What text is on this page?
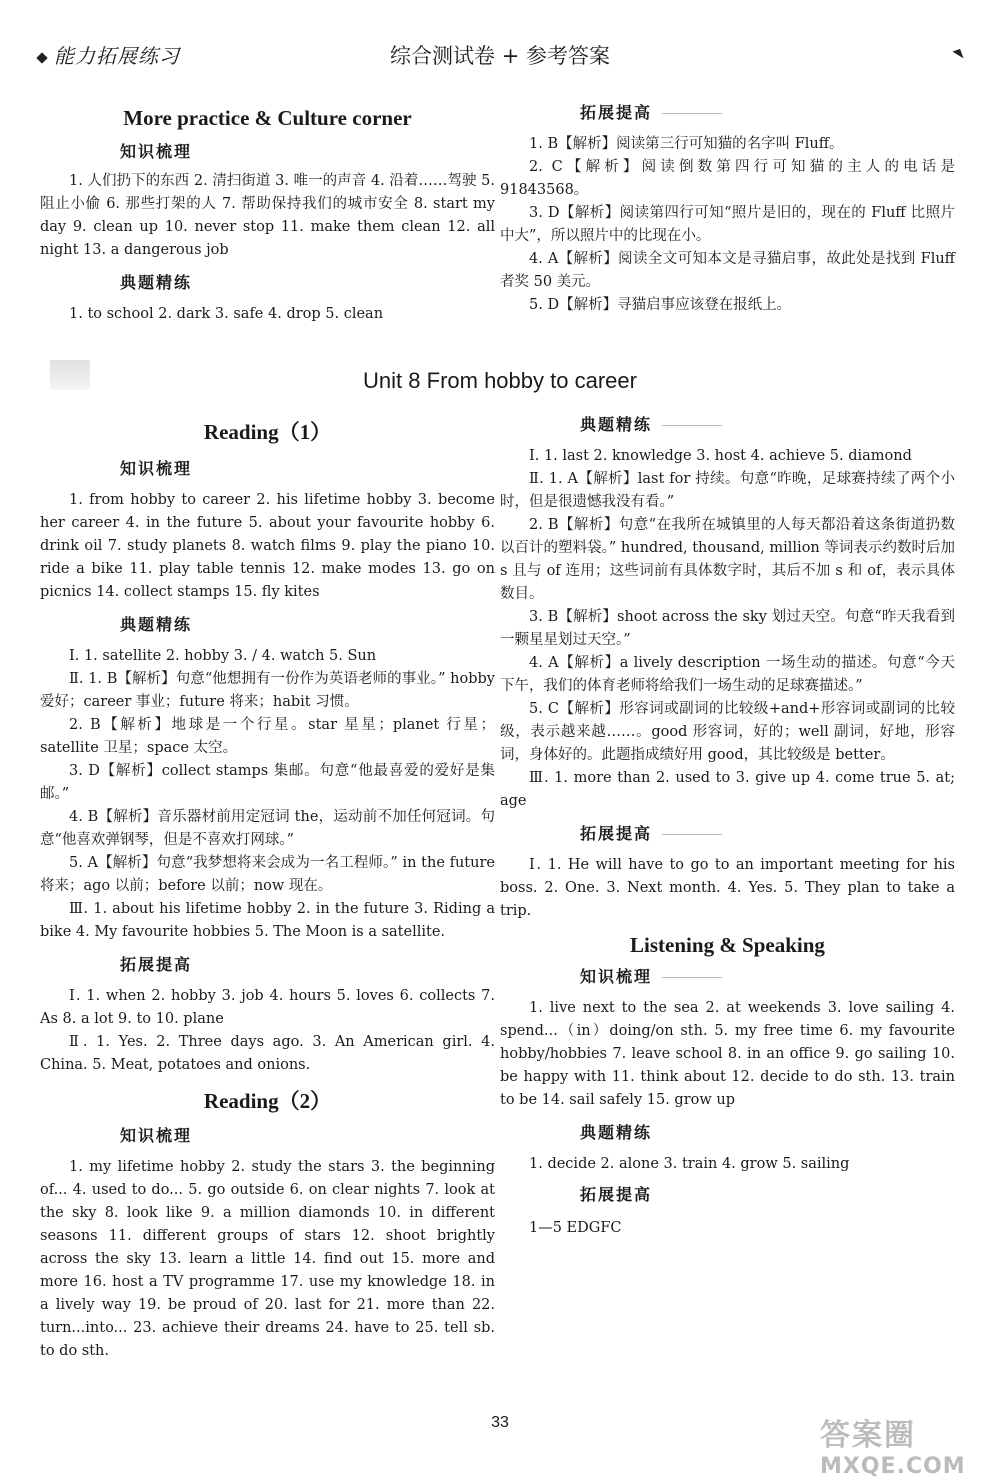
能力拓展练习	综合测试卷 + 参考答案

More practice & Culture corner

知识梳理

1. 人们扔下的东西 2. 清扫街道 3. 唯一的声音 4. 沿着……驾驶 5. 阻止小偷 6. 那些打架的人 7. 帮助保持我们的城市安全 8. start my day 9. clean up 10. never stop 11. make them clean 12. all night 13. a dangerous job

典题精练

1. to school 2. dark 3. safe 4. drop 5. clean

拓展提高

1. B【解析】阅读第三行可知猫的名字叫 Fluff。

2. C【解析】阅读倒数第四行可知猫的主人的电话是 91843568。

3. D【解析】阅读第四行可知“照片是旧的，现在的 Fluff 比照片中大”，所以照片中的比现在小。

4. A【解析】阅读全文可知本文是寻猫启事，故此处是找到 Fluff 者奖 50 美元。

5. D【解析】寻猫启事应该登在报纸上。

Unit 8 From hobby to career

Reading（1）

知识梳理

1. from hobby to career 2. his lifetime hobby 3. become her career 4. in the future 5. about your favourite hobby 6. drink oil 7. study planets 8. watch films 9. play the piano 10. ride a bike 11. play table tennis 12. make modes 13. go on picnics 14. collect stamps 15. fly kites

典题精练

Ⅰ. 1. satellite 2. hobby 3. / 4. watch 5. Sun

Ⅱ. 1. B【解析】句意“他想拥有一份作为英语老师的事业。” hobby 爱好；career 事业；future 将来；habit 习惯。

2. B【解析】地球是一个行星。star 星星；planet 行星；satellite 卫星；space 太空。

3. D【解析】collect stamps 集邮。句意“他最喜爱的爱好是集邮。”

4. B【解析】音乐器材前用定冠词 the，运动前不加任何冠词。句意“他喜欢弹钢琴，但是不喜欢打网球。”

5. A【解析】句意“我梦想将来会成为一名工程师。” in the future 将来；ago 以前；before 以前；now 现在。

Ⅲ. 1. about his lifetime hobby 2. in the future 3. Riding a bike 4. My favourite hobbies 5. The Moon is a satellite.

拓展提高

Ⅰ. 1. when 2. hobby 3. job 4. hours 5. loves 6. collects 7. As 8. a lot 9. to 10. plane

Ⅱ. 1. Yes. 2. Three days ago. 3. An American girl. 4. China. 5. Meat, potatoes and onions.

Reading（2）

知识梳理

1. my lifetime hobby 2. study the stars 3. the beginning of... 4. used to do... 5. go outside 6. on clear nights 7. look at the sky 8. look like 9. a million diamonds 10. in different seasons 11. different groups of stars 12. shoot brightly across the sky 13. learn a little 14. find out 15. more and more 16. host a TV programme 17. use my knowledge 18. in a lively way 19. be proud of 20. last for 21. more than 22. turn...into... 23. achieve their dreams 24. have to 25. tell sb. to do sth.

典题精练

Ⅰ. 1. last 2. knowledge 3. host 4. achieve 5. diamond

Ⅱ. 1. A【解析】last for 持续。句意“昨晚，足球赛持续了两个小时，但是很遗憾我没有看。”

2. B【解析】句意“在我所在城镇里的人每天都沿着这条街道扔数以百计的塑料袋。” hundred, thousand, million 等词表示约数时后加 s 且与 of 连用；这些词前有具体数字时，其后不加 s 和 of，表示具体数目。

3. B【解析】shoot across the sky 划过天空。句意“昨天我看到一颗星星划过天空。”

4. A【解析】a lively description 一场生动的描述。句意“今天下午，我们的体育老师将给我们一场生动的足球赛描述。”

5. C【解析】形容词或副词的比较级+and+形容词或副词的比较级，表示越来越……。good 形容词，好的；well 副词，好地，形容词，身体好的。此题指成绩好用 good，其比较级是 better。

Ⅲ. 1. more than 2. used to 3. give up 4. come true 5. at; age

拓展提高

Ⅰ. 1. He will have to go to an important meeting for his boss. 2. One. 3. Next month. 4. Yes. 5. They plan to take a trip.

Listening & Speaking

知识梳理

1. live next to the sea 2. at weekends 3. love sailing 4. spend...（in）doing/on sth. 5. my free time 6. my favourite hobby/hobbies 7. leave school 8. in an office 9. go sailing 10. be happy with 11. think about 12. decide to do sth. 13. train to be 14. sail safely 15. grow up

典题精练

1. decide 2. alone 3. train 4. grow 5. sailing

拓展提高

1—5 EDGFC

33	答案圈
MXQE.COM
